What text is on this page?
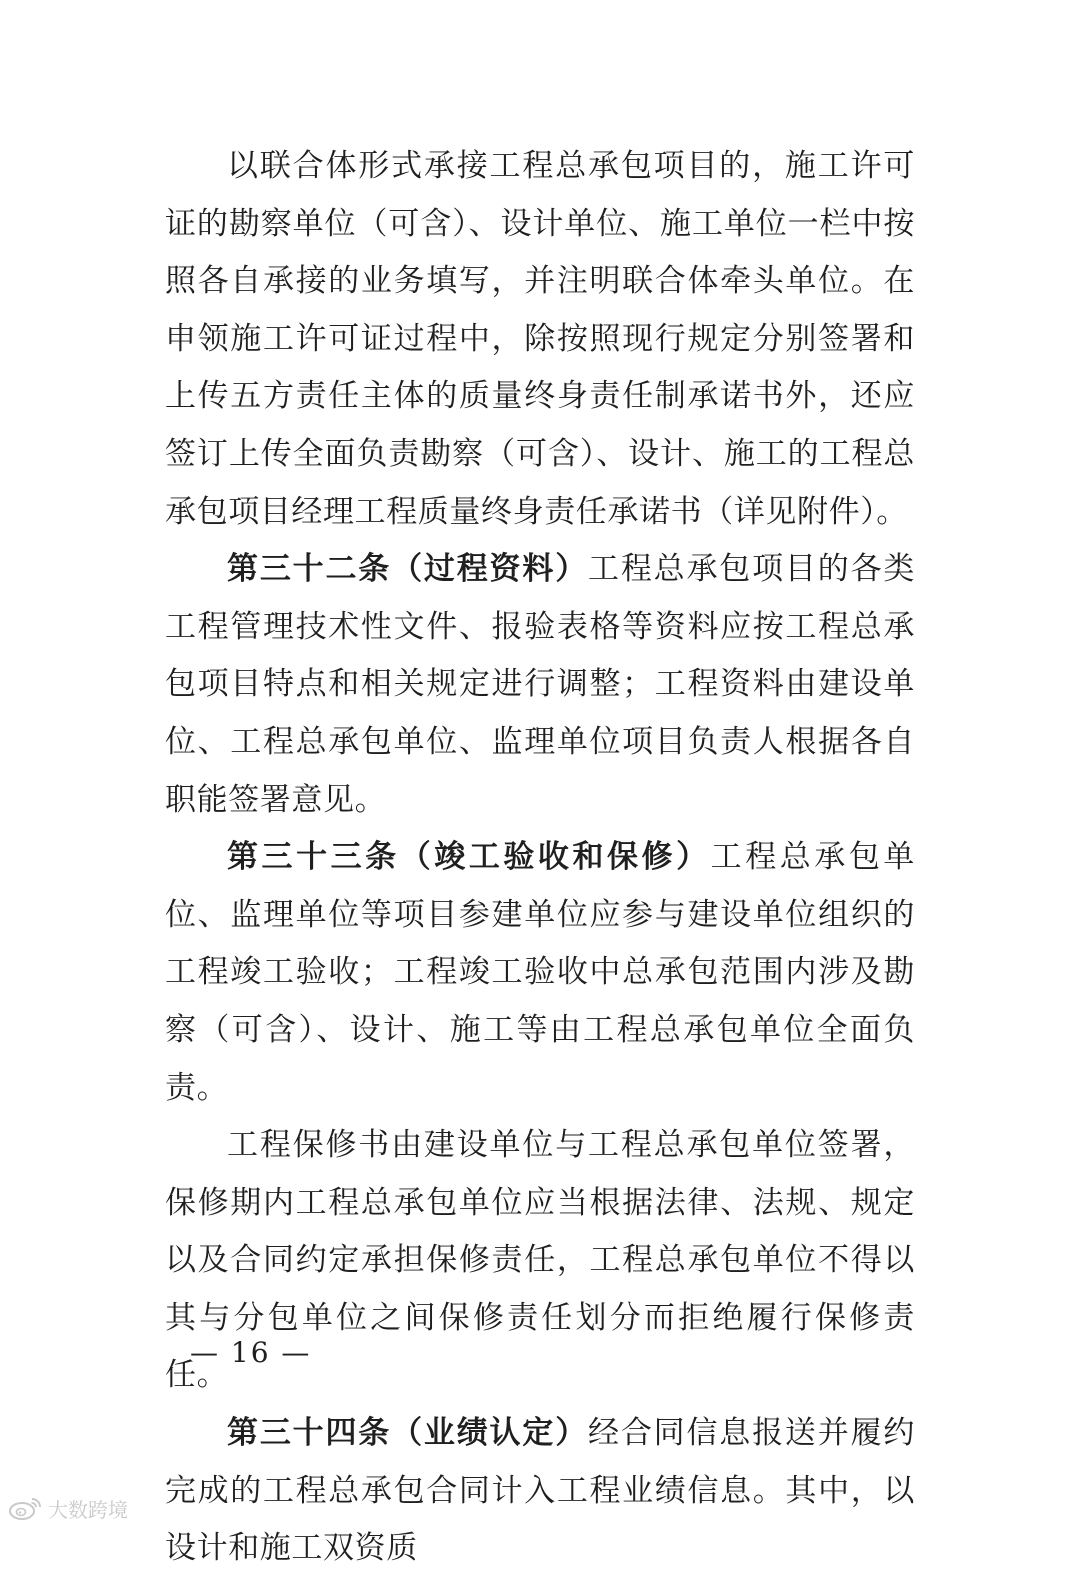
以联合体形式承接工程总承包项目的，施工许可证的勘察单位（可含）、设计单位、施工单位一栏中按照各自承接的业务填写，并注明联合体牵头单位。在申领施工许可证过程中，除按照现行规定分别签署和上传五方责任主体的质量终身责任制承诺书外，还应签订上传全面负责勘察（可含）、设计、施工的工程总承包项目经理工程质量终身责任承诺书（详见附件）。

第三十二条（过程资料）工程总承包项目的各类工程管理技术性文件、报验表格等资料应按工程总承包项目特点和相关规定进行调整；工程资料由建设单位、工程总承包单位、监理单位项目负责人根据各自职能签署意见。

第三十三条（竣工验收和保修）工程总承包单位、监理单位等项目参建单位应参与建设单位组织的工程竣工验收；工程竣工验收中总承包范围内涉及勘察（可含）、设计、施工等由工程总承包单位全面负责。

工程保修书由建设单位与工程总承包单位签署，保修期内工程总承包单位应当根据法律、法规、规定以及合同约定承担保修责任，工程总承包单位不得以其与分包单位之间保修责任划分而拒绝履行保修责任。

第三十四条（业绩认定）经合同信息报送并履约完成的工程总承包合同计入工程业绩信息。其中，以设计和施工双资质

— 16 —
大数跨境
